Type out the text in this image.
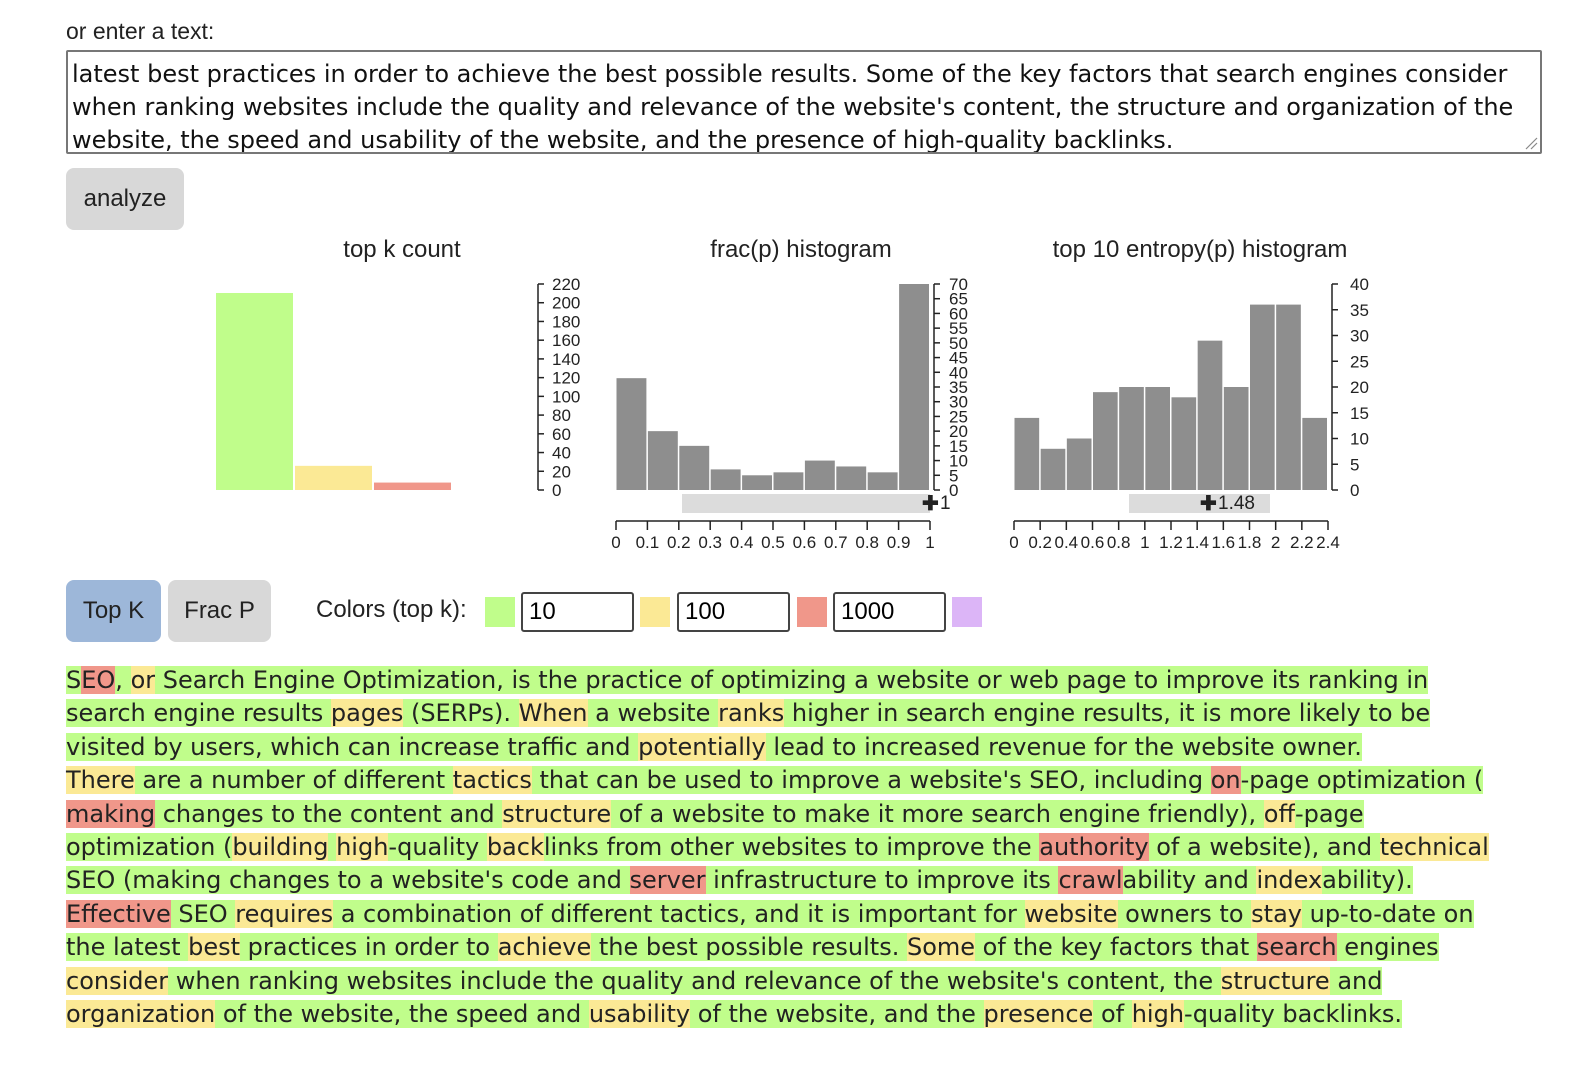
or enter a text:
latest best practices in order to achieve the best possible results. Some of the key factors that search engines consider when ranking websites include the quality and relevance of the website's content, the structure and organization of the website, the speed and usability of the website, and the presence of high-quality backlinks.

analyze
top k count	frac(p) histogram
0
20
40
60
80
100
120
140
160
180
200
220
0
5
10
15
20
25
30
35
40
45
50
55
60
65
70
✚ 1
0 0.1 0.2 0.3 0.4 0.5 0.6 0.7 0.8 0.9 1
top 10 entropy(p) histogram
0
5
10
15
20
25
30
35
40
✚ 1.48
0 0.2 0.4 0.6 0.8 1 1.2 1.4 1.6 1.8 2 2.2 2.4
Top K	Frac P	Colors (top k):
10
100
1000
SEO, or Search Engine Optimization, is the practice of optimizing a website or web page to improve its ranking in
search engine results pages (SERPs). When a website ranks higher in search engine results, it is more likely to be
visited by users, which can increase traffic and potentially lead to increased revenue for the website owner.
There are a number of different tactics that can be used to improve a website's SEO, including on-page optimization (
making changes to the content and structure of a website to make it more search engine friendly), off-page
optimization (building high-quality backlinks from other websites to improve the authority of a website), and technical
SEO (making changes to a website's code and server infrastructure to improve its crawlability and indexability).
Effective SEO requires a combination of different tactics, and it is important for website owners to stay up-to-date on
the latest best practices in order to achieve the best possible results. Some of the key factors that search engines
consider when ranking websites include the quality and relevance of the website's content, the structure and
organization of the website, the speed and usability of the website, and the presence of high-quality backlinks.
